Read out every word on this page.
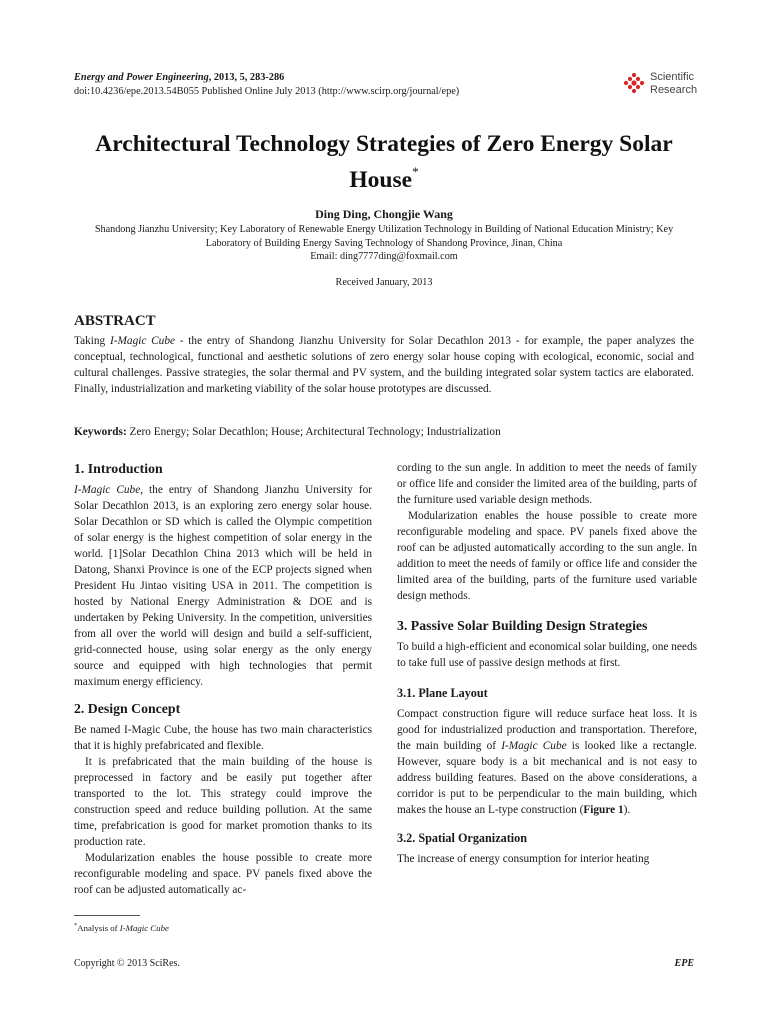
Energy and Power Engineering, 2013, 5, 283-286
doi:10.4236/epe.2013.54B055 Published Online July 2013 (http://www.scirp.org/journal/epe)
Scientific
Research
Architectural Technology Strategies of Zero Energy Solar House*
Ding Ding, Chongjie Wang
Shandong Jianzhu University; Key Laboratory of Renewable Energy Utilization Technology in Building of National Education Ministry; Key Laboratory of Building Energy Saving Technology of Shandong Province, Jinan, China
Email: ding7777ding@foxmail.com
Received January, 2013
ABSTRACT
Taking I-Magic Cube - the entry of Shandong Jianzhu University for Solar Decathlon 2013 - for example, the paper analyzes the conceptual, technological, functional and aesthetic solutions of zero energy solar house coping with ecological, economic, social and cultural challenges. Passive strategies, the solar thermal and PV system, and the building integrated solar system tactics are elaborated. Finally, industrialization and marketing viability of the solar house prototypes are discussed.
Keywords: Zero Energy; Solar Decathlon; House; Architectural Technology; Industrialization
1. Introduction
I-Magic Cube, the entry of Shandong Jianzhu University for Solar Decathlon 2013, is an exploring zero energy solar house. Solar Decathlon or SD which is called the Olympic competition of solar energy is the highest competition of solar energy in the world. [1]Solar Decathlon China 2013 which will be held in Datong, Shanxi Province is one of the ECP projects signed when President Hu Jintao visiting USA in 2011. The competition is hosted by National Energy Administration & DOE and is undertaken by Peking University. In the competition, universities from all over the world will design and build a self-sufficient, grid-connected house, using solar energy as the only energy source and equipped with high technologies that permit maximum energy efficiency.
2. Design Concept
Be named I-Magic Cube, the house has two main characteristics that it is highly prefabricated and flexible.
It is prefabricated that the main building of the house is preprocessed in factory and be easily put together after transported to the lot. This strategy could improve the construction speed and reduce building pollution. At the same time, prefabrication is good for market promotion thanks to its production rate.
Modularization enables the house possible to create more reconfigurable modeling and space. PV panels fixed above the roof can be adjusted automatically ac-
cording to the sun angle. In addition to meet the needs of family or office life and consider the limited area of the building, parts of the furniture used variable design methods.
Modularization enables the house possible to create more reconfigurable modeling and space. PV panels fixed above the roof can be adjusted automatically according to the sun angle. In addition to meet the needs of family or office life and consider the limited area of the building, parts of the furniture used variable design methods.
3. Passive Solar Building Design Strategies
To build a high-efficient and economical solar building, one needs to take full use of passive design methods at first.
3.1. Plane Layout
Compact construction figure will reduce surface heat loss. It is good for industrialized production and transportation. Therefore, the main building of I-Magic Cube is looked like a rectangle. However, square body is a bit mechanical and is not easy to address building features. Based on the above considerations, a corridor is put to be perpendicular to the main building, which makes the house an L-type construction (Figure 1).
3.2. Spatial Organization
The increase of energy consumption for interior heating
*Analysis of I-Magic Cube
Copyright © 2013 SciRes.	EPE
